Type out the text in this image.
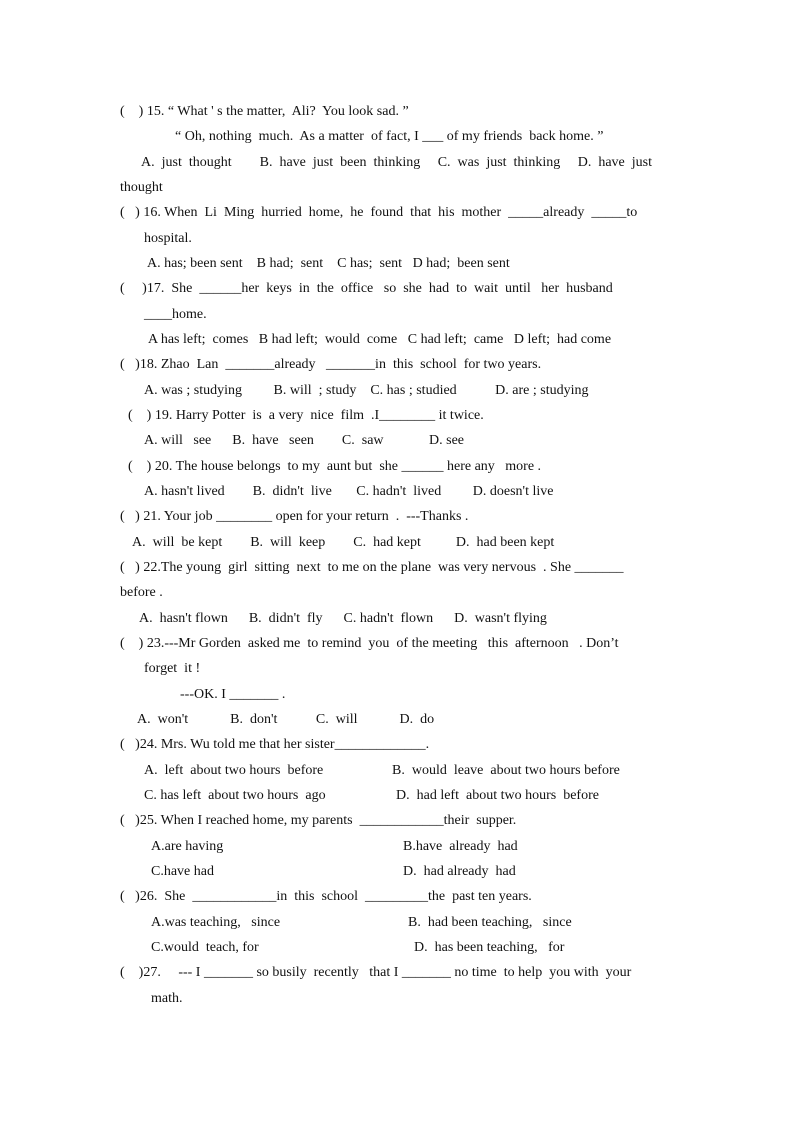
(    ) 15. “ What ' s the matter,  Ali?  You look sad. ”
“ Oh, nothing  much.  As a matter  of fact, I ___ of my friends  back home. ”
A.  just  thought        B.  have  just  been  thinking     C.  was  just  thinking     D.  have  just
thought
(   ) 16. When  Li  Ming  hurried  home,  he  found  that  his  mother  _____already  _____to
hospital.
A. has; been sent    B had;  sent    C has;  sent   D had;  been sent
(     )17.  She  ______her  keys  in  the  office   so  she  had  to  wait  until   her  husband
____home.
A has left;  comes   B had left;  would  come   C had left;  came   D left;  had come
(   )18. Zhao  Lan  _______already   _______in  this  school  for two years.
A. was ; studying         B. will  ; study    C. has ; studied           D. are ; studying
(    ) 19. Harry Potter  is  a very  nice  film  .I________ it twice.
A. will   see      B.  have   seen        C.  saw             D. see
(    ) 20. The house belongs  to my  aunt but  she ______ here any   more .
A. hasn't lived        B.  didn't  live       C. hadn't  lived         D. doesn't live
(   ) 21. Your job ________ open for your return  .  ---Thanks .
A.  will  be kept        B.  will  keep        C.  had kept          D.  had been kept
(   ) 22.The young  girl  sitting  next  to me on the plane  was very nervous  . She _______
before .
A.  hasn't flown      B.  didn't  fly      C. hadn't  flown      D.  wasn't flying
(    ) 23.---Mr Gorden  asked me  to remind  you  of the meeting   this  afternoon   . Don’t
forget  it !
---OK. I _______ .
A.  won't            B.  don't           C.  will            D.  do
(   )24. Mrs. Wu told me that her sister_____________.
A.  left  about two hours  before	B.  would  leave  about two hours before
C. has left  about two hours  ago	D.  had left  about two hours  before
(   )25. When I reached home, my parents  ____________their  supper.
A.are having	B.have  already  had
C.have had	D.  had already  had
(   )26.  She  ____________in  this  school  _________the  past ten years.
A.was teaching,   since	B.  had been teaching,   since
C.would  teach, for	D.  has been teaching,   for
(    )27.     --- I _______ so busily  recently   that I _______ no time  to help  you with  your
math.
